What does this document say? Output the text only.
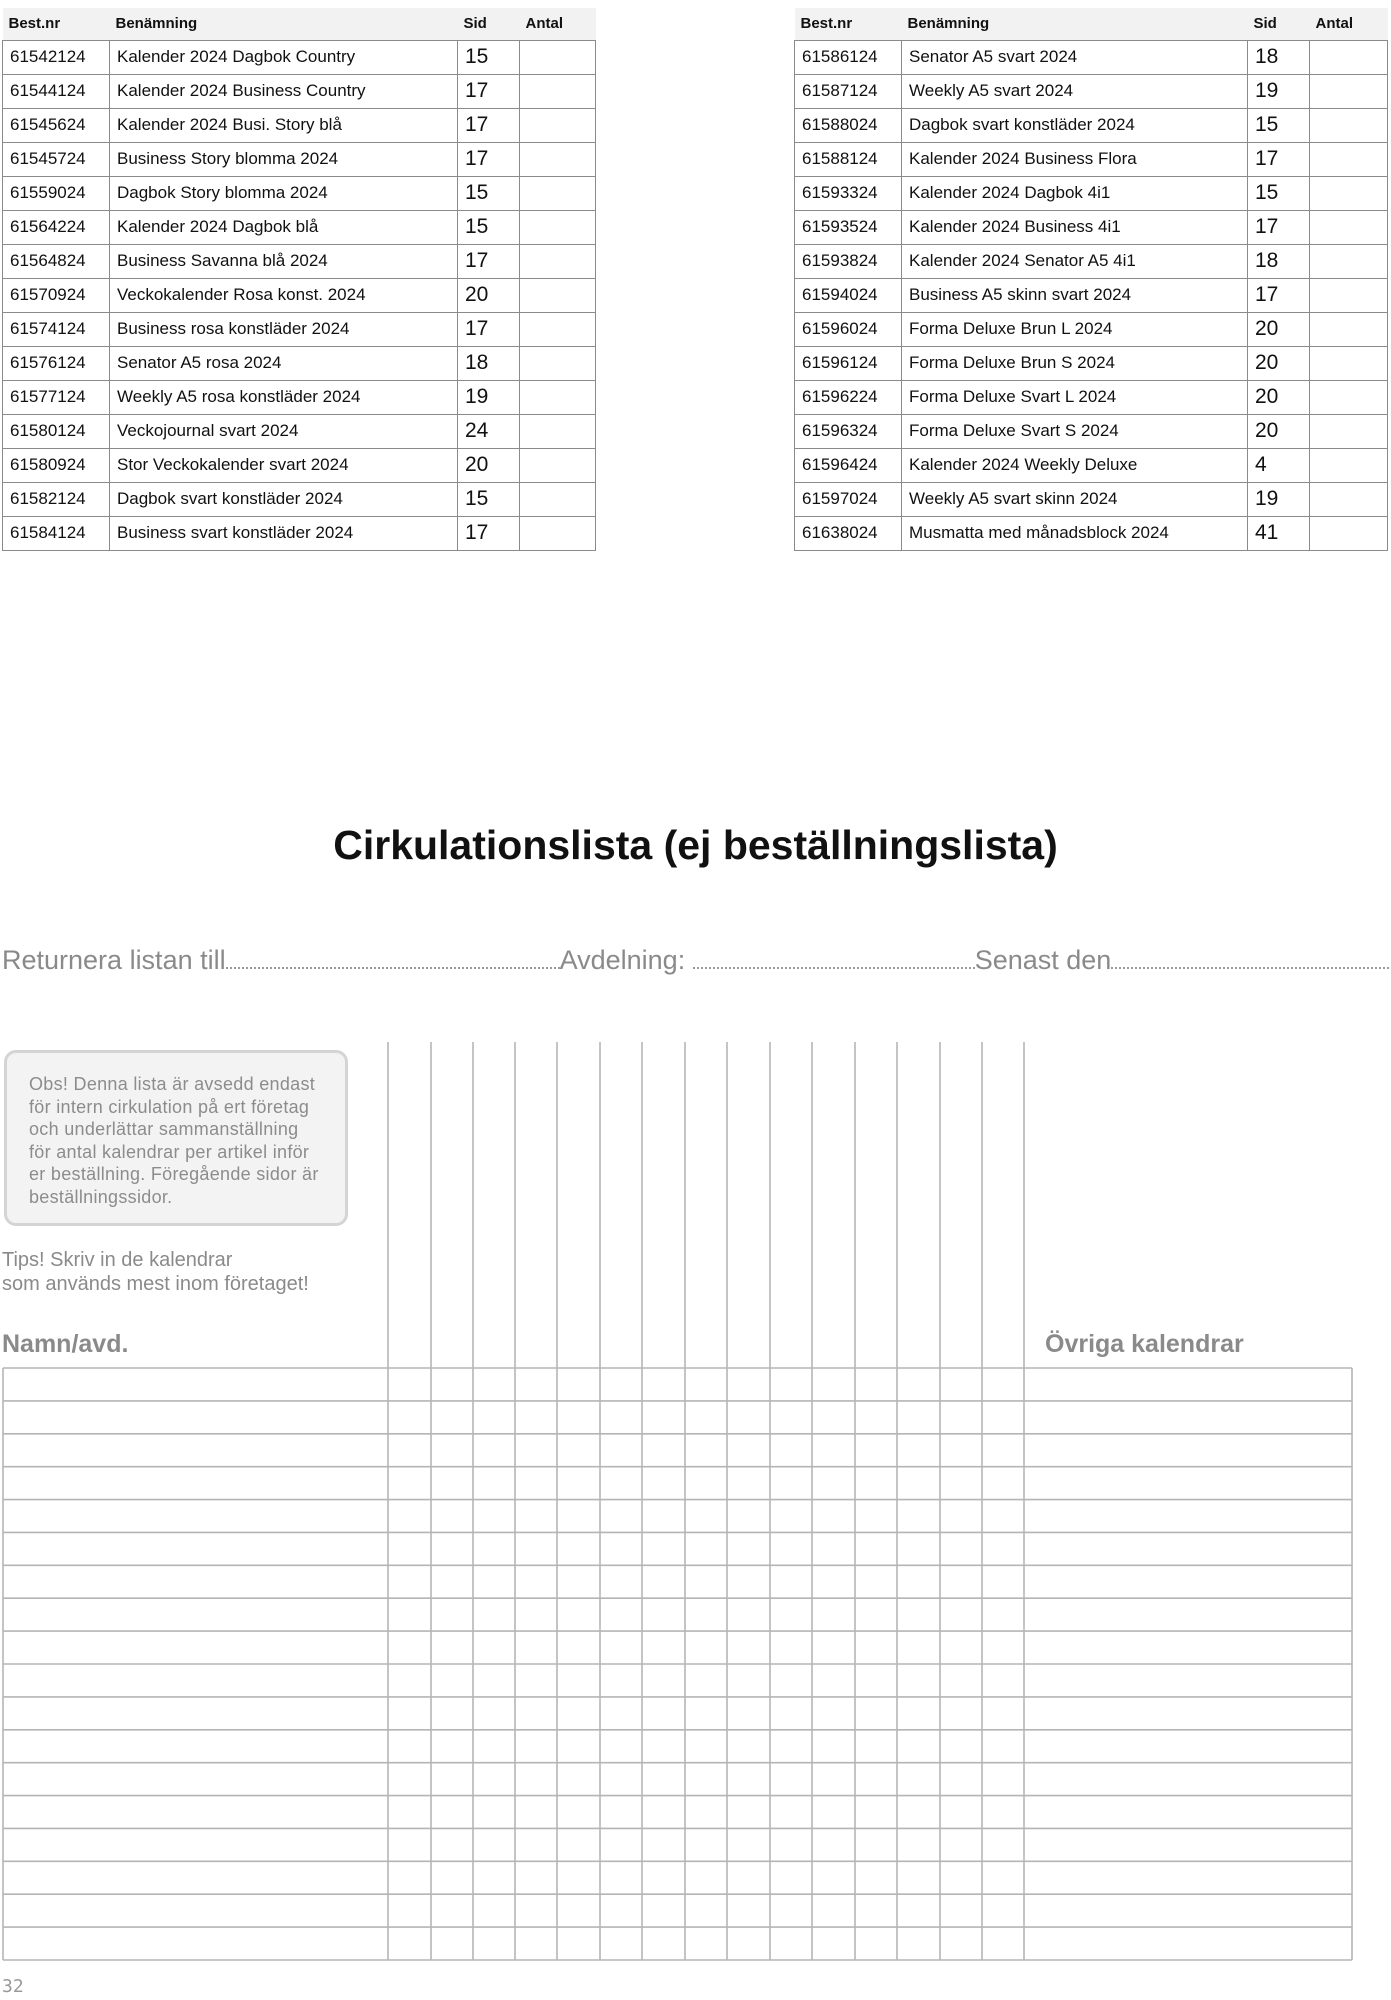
Best.nr	Benämning	Sid	Antal
61542124	Kalender 2024 Dagbok Country	15	
61544124	Kalender 2024 Business Country	17	
61545624	Kalender 2024 Busi. Story blå	17	
61545724	Business Story blomma 2024	17	
61559024	Dagbok Story blomma 2024	15	
61564224	Kalender 2024 Dagbok blå	15	
61564824	Business Savanna blå 2024	17	
61570924	Veckokalender Rosa konst. 2024	20	
61574124	Business rosa konstläder 2024	17	
61576124	Senator A5 rosa 2024	18	
61577124	Weekly A5 rosa konstläder 2024	19	
61580124	Veckojournal svart 2024	24	
61580924	Stor Veckokalender svart 2024	20	
61582124	Dagbok svart konstläder 2024	15	
61584124	Business svart konstläder 2024	17	
Best.nr	Benämning	Sid	Antal
61586124	Senator A5 svart 2024	18	
61587124	Weekly A5 svart 2024	19	
61588024	Dagbok svart konstläder 2024	15	
61588124	Kalender 2024 Business Flora	17	
61593324	Kalender 2024 Dagbok 4i1	15	
61593524	Kalender 2024 Business 4i1	17	
61593824	Kalender 2024 Senator A5 4i1	18	
61594024	Business A5 skinn svart 2024	17	
61596024	Forma Deluxe Brun L 2024	20	
61596124	Forma Deluxe Brun S 2024	20	
61596224	Forma Deluxe Svart L 2024	20	
61596324	Forma Deluxe Svart S 2024	20	
61596424	Kalender 2024 Weekly Deluxe	4	
61597024	Weekly A5 svart skinn 2024	19	
61638024	Musmatta med månadsblock 2024	41	
Cirkulationslista (ej beställningslista)
Returnera listan till	Avdelning:	Senast den
Obs! Denna lista är avsedd endast för intern cirkulation på ert företag och underlättar sammanställning för antal kalendrar per artikel inför er beställning. Föregående sidor är beställningssidor.
Tips! Skriv in de kalendrar
som används mest inom företaget!
Namn/avd.	Övriga kalendrar
32
